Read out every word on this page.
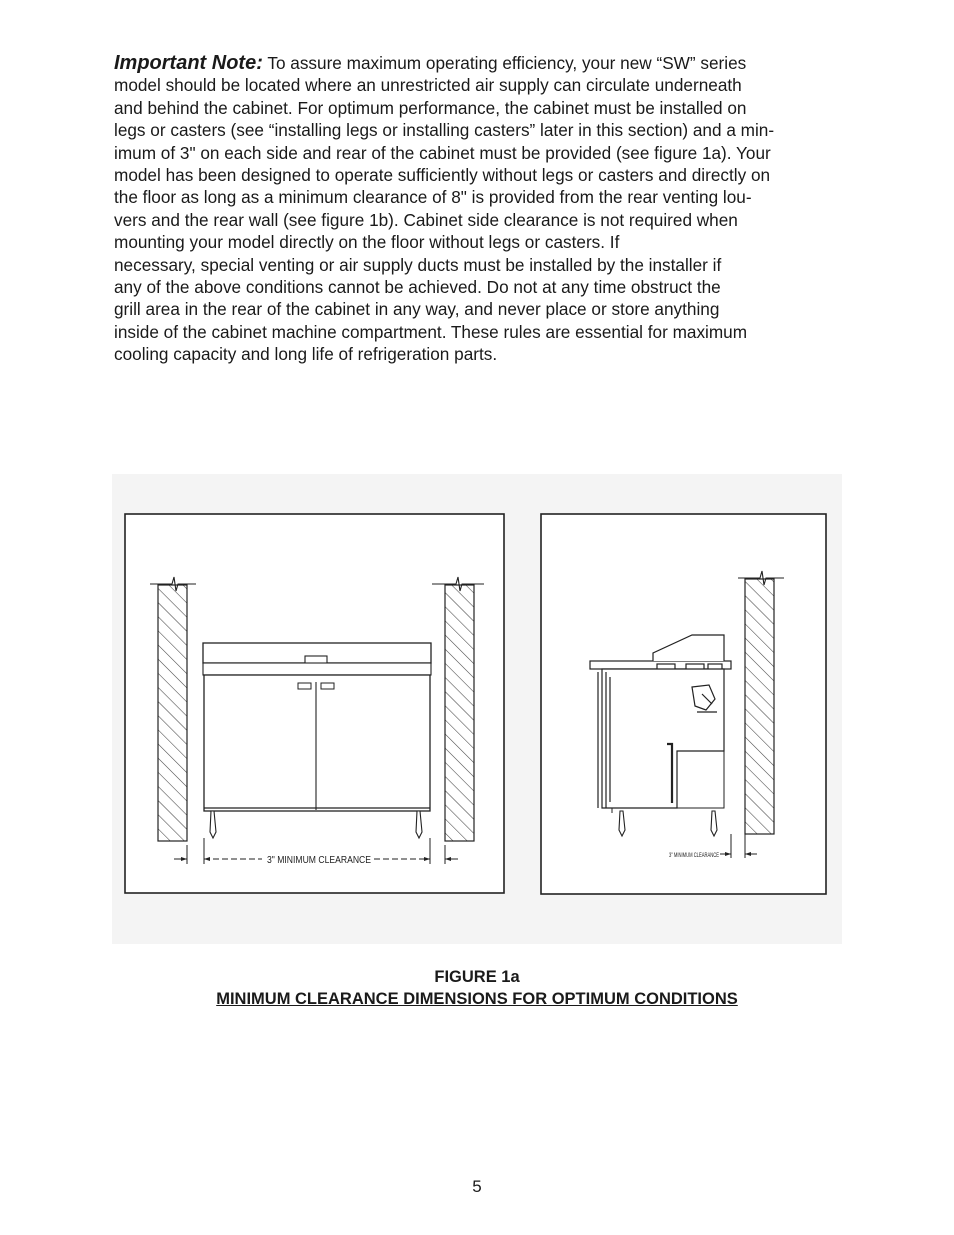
Important Note: To assure maximum operating efficiency, your new “SW” series
model should be located where an unrestricted air supply can circulate underneath
and behind the cabinet. For optimum performance, the cabinet must be installed on
legs or casters (see “installing legs or installing casters” later in this section) and a min-
imum of 3" on each side and rear of the cabinet must be provided (see figure 1a). Your
model has been designed to operate sufficiently without legs or casters and directly on
the floor as long as a minimum clearance of 8" is provided from the rear venting lou-
vers and the rear wall (see figure 1b). Cabinet side clearance is not required when
mounting your model directly on the floor without legs or casters. If
necessary, special venting or air supply ducts must be installed by the installer if
any of the above conditions cannot be achieved. Do not at any time obstruct the
grill area in the rear of the cabinet in any way, and never place or store anything
inside of the cabinet machine compartment. These rules are essential for maximum
cooling capacity and long life of refrigeration parts.
3" MINIMUM CLEARANCE	3" MINIMUM CLEARANCE
FIGURE 1a
MINIMUM CLEARANCE DIMENSIONS FOR OPTIMUM CONDITIONS
5
